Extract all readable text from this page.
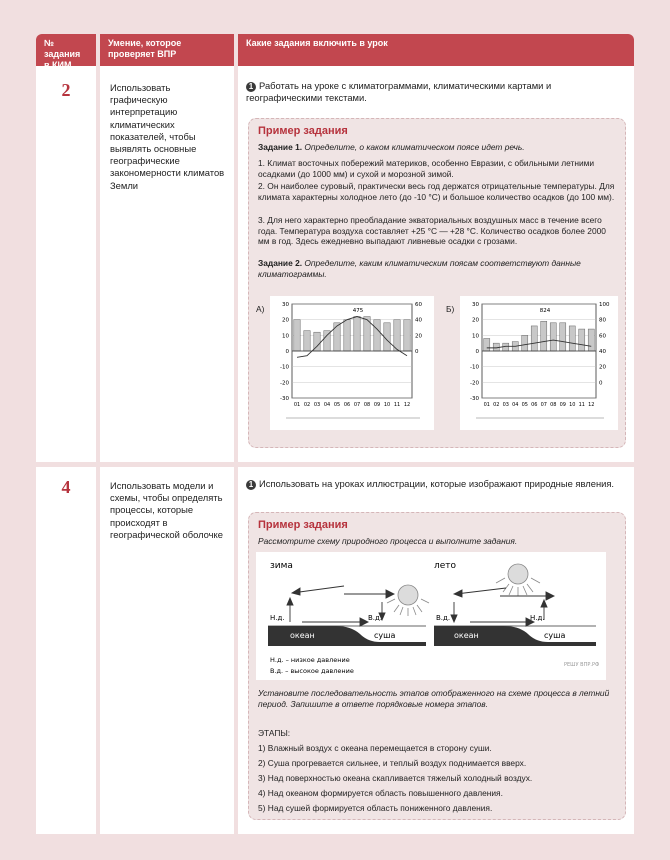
№ задания в КИМ
Умение, которое проверяет ВПР
Какие задания включить в урок
2	Использовать графическую интерпретацию климатических показателей, чтобы выявлять основные географические закономерности климатов Земли
1 Работать на уроке с климатограммами, климатическими картами и географическими текстами.
Пример задания
Задание 1. Определите, о каком климатическом поясе идет речь.
1. Климат восточных побережий материков, особенно Евразии, с обильными летними осадками (до 1000 мм) и сухой и морозной зимой.
2. Он наиболее суровый, практически весь год держатся отрицательные температуры. Для климата характерны холодное лето (до -10 °С) и большое количество осадков (до 100 мм).
3. Для него характерно преобладание экваториальных воздушных масс в течение всего года. Температура воздуха составляет +25 °С — +28 °С. Количество осадков более 2000 мм в год. Здесь ежедневно выпадают ливневые осадки с грозами.
Задание 2. Определите, каким климатическим поясам соответствуют данные климатограммы.
А)	30
20
10
0
-10
-20
-30
60
40
20
0
01 02 03 04 05 06 07 08 09 10 11 12
475	Б)	30
20
10
0
-10
-20
-30
100
80
60
40
20
0
01 02 03 04 05 06 07 08 09 10 11 12
824
4	Использовать модели и схемы, чтобы определять процессы, которые происходят в географической оболочке
1 Использовать на уроках иллюстрации, которые изображают природные явления.
Пример задания
Рассмотрите схему природного процесса и выполните задания.
зима
Н.д.	В.д.
океан	суша
лето
В.д.	Н.д.
океан	суша
Н.д. – низкое давление
В.д. – высокое давление
РЕШУ ВПР.РФ
Установите последовательность этапов отображенного на схеме процесса в летний период. Запишите в ответе порядковые номера этапов.
ЭТАПЫ:
1) Влажный воздух с океана перемещается в сторону суши.
2) Суша прогревается сильнее, и теплый воздух поднимается вверх.
3) Над поверхностью океана скапливается тяжелый холодный воздух.
4) Над океаном формируется область повышенного давления.
5) Над сушей формируется область пониженного давления.
